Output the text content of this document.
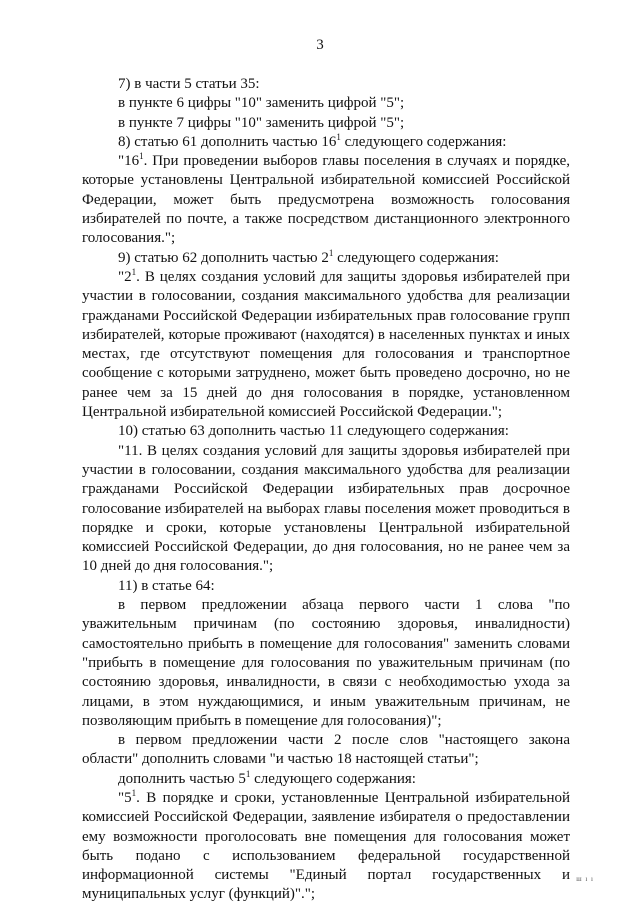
3

7) в части 5 статьи 35:

в пункте 6 цифры "10" заменить цифрой "5";

в пункте 7 цифры "10" заменить цифрой "5";

8) статью 61 дополнить частью $16^1$ следующего содержания:

"$16^1$. При проведении выборов главы поселения в случаях и порядке, которые установлены Центральной избирательной комиссией Российской Федерации, может быть предусмотрена возможность голосования избирателей по почте, а также посредством дистанционного электронного голосования.";

9) статью 62 дополнить частью $2^1$ следующего содержания:

"$2^1$. В целях создания условий для защиты здоровья избирателей при участии в голосовании, создания максимального удобства для реализации гражданами Российской Федерации избирательных прав голосование групп избирателей, которые проживают (находятся) в населенных пунктах и иных местах, где отсутствуют помещения для голосования и транспортное сообщение с которыми затруднено, может быть проведено досрочно, но не ранее чем за 15 дней до дня голосования в порядке, установленном Центральной избирательной комиссией Российской Федерации.";

10) статью 63 дополнить частью 11 следующего содержания:

"11. В целях создания условий для защиты здоровья избирателей при участии в голосовании, создания максимального удобства для реализации гражданами Российской Федерации избирательных прав досрочное голосование избирателей на выборах главы поселения может проводиться в порядке и сроки, которые установлены Центральной избирательной комиссией Российской Федерации, до дня голосования, но не ранее чем за 10 дней до дня голосования.";

11) в статье 64:

в первом предложении абзаца первого части 1 слова "по уважительным причинам (по состоянию здоровья, инвалидности) самостоятельно прибыть в помещение для голосования" заменить словами "прибыть в помещение для голосования по уважительным причинам (по состоянию здоровья, инвалидности, в связи с необходимостью ухода за лицами, в этом нуждающимися, и иным уважительным причинам, не позволяющим прибыть в помещение для голосования)";

в первом предложении части 2 после слов "настоящего закона области" дополнить словами "и частью 18 настоящей статьи";

дополнить частью $5^1$ следующего содержания:

"$5^1$. В порядке и сроки, установленные Центральной избирательной комиссией Российской Федерации, заявление избирателя о предоставлении ему возможности проголосовать вне помещения для голосования может быть подано с использованием федеральной государственной информационной системы "Единый портал государственных и муниципальных услуг (функций)".";

ш ı ı
